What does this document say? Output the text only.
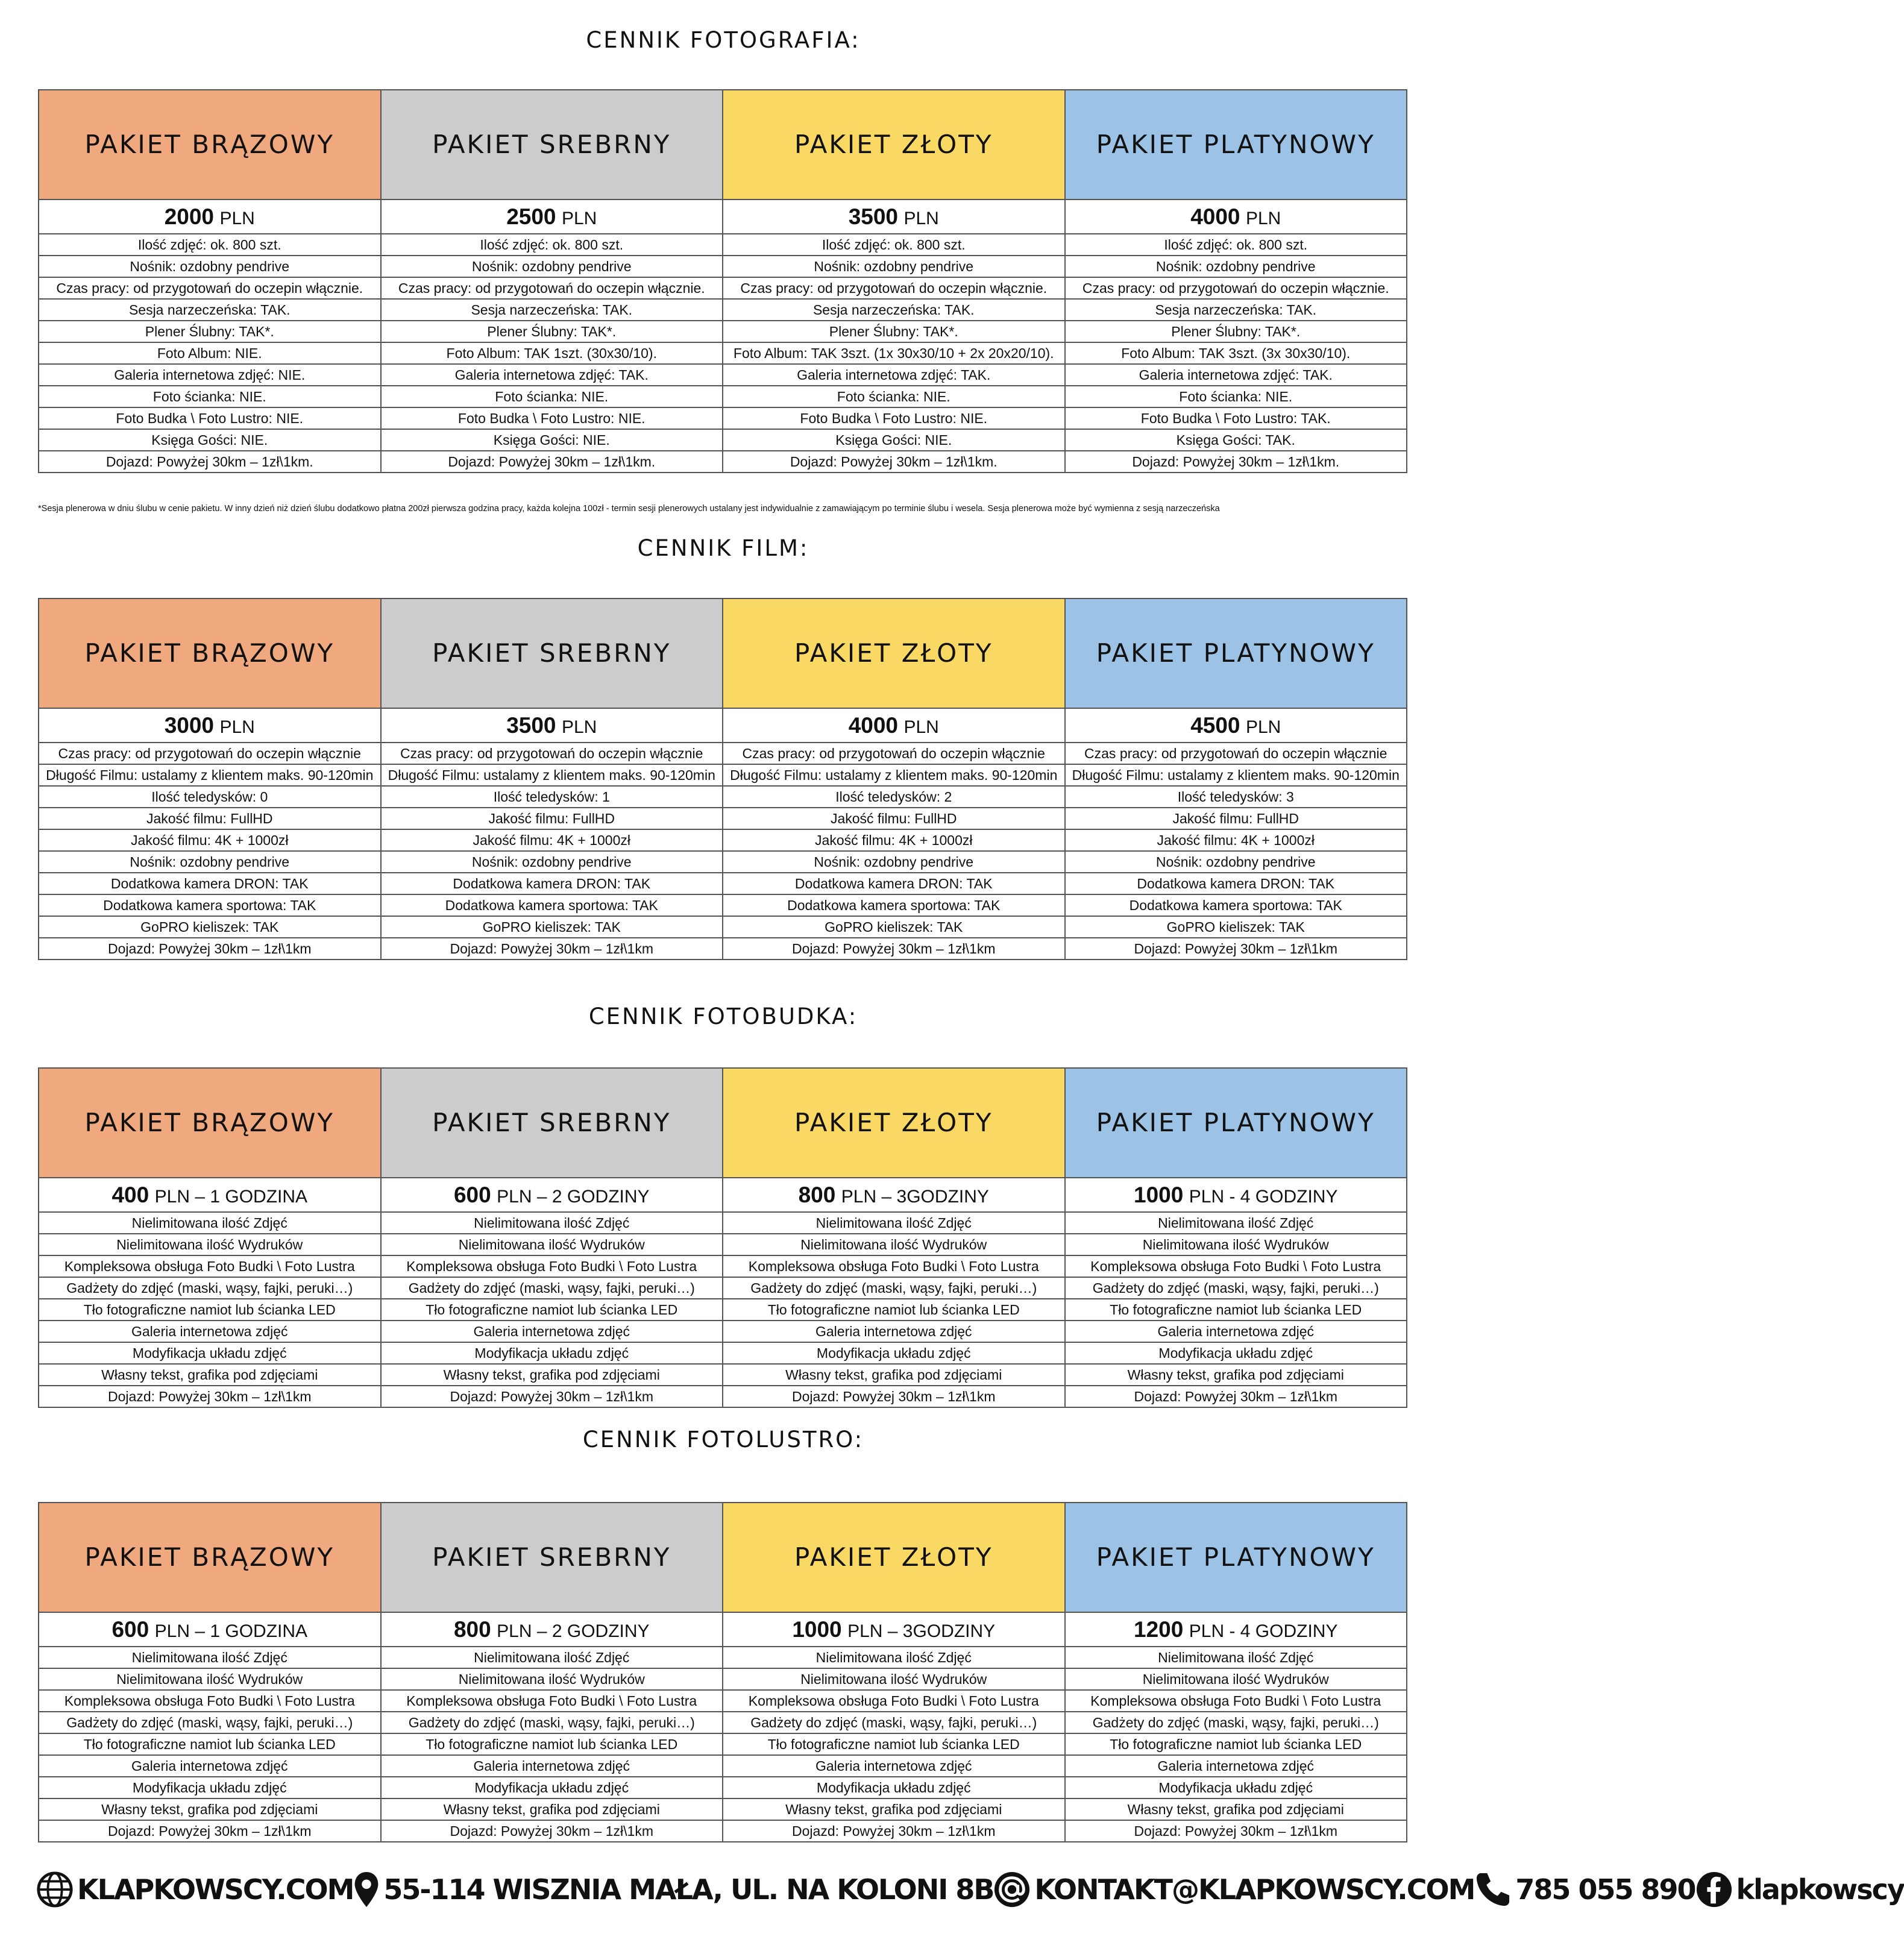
CENNIK FOTOGRAFIA:
PAKIET BRĄZOWY	PAKIET SREBRNY	PAKIET ZŁOTY	PAKIET PLATYNOWY
2000 PLN	2500 PLN	3500 PLN	4000 PLN
Ilość zdjęć: ok. 800 szt.	Ilość zdjęć: ok. 800 szt.	Ilość zdjęć: ok. 800 szt.	Ilość zdjęć: ok. 800 szt.
Nośnik: ozdobny pendrive	Nośnik: ozdobny pendrive	Nośnik: ozdobny pendrive	Nośnik: ozdobny pendrive
Czas pracy: od przygotowań do oczepin włącznie.	Czas pracy: od przygotowań do oczepin włącznie.	Czas pracy: od przygotowań do oczepin włącznie.	Czas pracy: od przygotowań do oczepin włącznie.
Sesja narzeczeńska: TAK.	Sesja narzeczeńska: TAK.	Sesja narzeczeńska: TAK.	Sesja narzeczeńska: TAK.
Plener Ślubny: TAK*.	Plener Ślubny: TAK*.	Plener Ślubny: TAK*.	Plener Ślubny: TAK*.
Foto Album: NIE.	Foto Album: TAK 1szt. (30x30/10).	Foto Album: TAK 3szt. (1x 30x30/10 + 2x 20x20/10).	Foto Album: TAK 3szt. (3x 30x30/10).
Galeria internetowa zdjęć: NIE.	Galeria internetowa zdjęć: TAK.	Galeria internetowa zdjęć: TAK.	Galeria internetowa zdjęć: TAK.
Foto ścianka: NIE.	Foto ścianka: NIE.	Foto ścianka: NIE.	Foto ścianka: NIE.
Foto Budka \ Foto Lustro: NIE.	Foto Budka \ Foto Lustro: NIE.	Foto Budka \ Foto Lustro: NIE.	Foto Budka \ Foto Lustro: TAK.
Księga Gości: NIE.	Księga Gości: NIE.	Księga Gości: NIE.	Księga Gości: TAK.
Dojazd: Powyżej 30km – 1zł\1km.	Dojazd: Powyżej 30km – 1zł\1km.	Dojazd: Powyżej 30km – 1zł\1km.	Dojazd: Powyżej 30km – 1zł\1km.
*Sesja plenerowa w dniu ślubu w cenie pakietu. W inny dzień niż dzień ślubu dodatkowo płatna 200zł pierwsza godzina pracy, każda kolejna 100zł - termin sesji plenerowych ustalany jest indywidualnie z zamawiającym po terminie ślubu i wesela. Sesja plenerowa może być wymienna z sesją narzeczeńska
CENNIK FILM:
PAKIET BRĄZOWY	PAKIET SREBRNY	PAKIET ZŁOTY	PAKIET PLATYNOWY
3000 PLN	3500 PLN	4000 PLN	4500 PLN
Czas pracy: od przygotowań do oczepin włącznie	Czas pracy: od przygotowań do oczepin włącznie	Czas pracy: od przygotowań do oczepin włącznie	Czas pracy: od przygotowań do oczepin włącznie
Długość Filmu: ustalamy z klientem maks. 90-120min	Długość Filmu: ustalamy z klientem maks. 90-120min	Długość Filmu: ustalamy z klientem maks. 90-120min	Długość Filmu: ustalamy z klientem maks. 90-120min
Ilość teledysków: 0	Ilość teledysków: 1	Ilość teledysków: 2	Ilość teledysków: 3
Jakość filmu: FullHD	Jakość filmu: FullHD	Jakość filmu: FullHD	Jakość filmu: FullHD
Jakość filmu: 4K + 1000zł	Jakość filmu: 4K + 1000zł	Jakość filmu: 4K + 1000zł	Jakość filmu: 4K + 1000zł
Nośnik: ozdobny pendrive	Nośnik: ozdobny pendrive	Nośnik: ozdobny pendrive	Nośnik: ozdobny pendrive
Dodatkowa kamera DRON: TAK	Dodatkowa kamera DRON: TAK	Dodatkowa kamera DRON: TAK	Dodatkowa kamera DRON: TAK
Dodatkowa kamera sportowa: TAK	Dodatkowa kamera sportowa: TAK	Dodatkowa kamera sportowa: TAK	Dodatkowa kamera sportowa: TAK
GoPRO kieliszek: TAK	GoPRO kieliszek: TAK	GoPRO kieliszek: TAK	GoPRO kieliszek: TAK
Dojazd: Powyżej 30km – 1zł\1km	Dojazd: Powyżej 30km – 1zł\1km	Dojazd: Powyżej 30km – 1zł\1km	Dojazd: Powyżej 30km – 1zł\1km
CENNIK FOTOBUDKA:
PAKIET BRĄZOWY	PAKIET SREBRNY	PAKIET ZŁOTY	PAKIET PLATYNOWY
400 PLN – 1 GODZINA	600 PLN – 2 GODZINY	800 PLN – 3GODZINY	1000 PLN - 4 GODZINY
Nielimitowana ilość Zdjęć	Nielimitowana ilość Zdjęć	Nielimitowana ilość Zdjęć	Nielimitowana ilość Zdjęć
Nielimitowana ilość Wydruków	Nielimitowana ilość Wydruków	Nielimitowana ilość Wydruków	Nielimitowana ilość Wydruków
Kompleksowa obsługa Foto Budki \ Foto Lustra	Kompleksowa obsługa Foto Budki \ Foto Lustra	Kompleksowa obsługa Foto Budki \ Foto Lustra	Kompleksowa obsługa Foto Budki \ Foto Lustra
Gadżety do zdjęć (maski, wąsy, fajki, peruki…)	Gadżety do zdjęć (maski, wąsy, fajki, peruki…)	Gadżety do zdjęć (maski, wąsy, fajki, peruki…)	Gadżety do zdjęć (maski, wąsy, fajki, peruki…)
Tło fotograficzne namiot lub ścianka LED	Tło fotograficzne namiot lub ścianka LED	Tło fotograficzne namiot lub ścianka LED	Tło fotograficzne namiot lub ścianka LED
Galeria internetowa zdjęć	Galeria internetowa zdjęć	Galeria internetowa zdjęć	Galeria internetowa zdjęć
Modyfikacja układu zdjęć	Modyfikacja układu zdjęć	Modyfikacja układu zdjęć	Modyfikacja układu zdjęć
Własny tekst, grafika pod zdjęciami	Własny tekst, grafika pod zdjęciami	Własny tekst, grafika pod zdjęciami	Własny tekst, grafika pod zdjęciami
Dojazd: Powyżej 30km – 1zł\1km	Dojazd: Powyżej 30km – 1zł\1km	Dojazd: Powyżej 30km – 1zł\1km	Dojazd: Powyżej 30km – 1zł\1km
CENNIK FOTOLUSTRO:
PAKIET BRĄZOWY	PAKIET SREBRNY	PAKIET ZŁOTY	PAKIET PLATYNOWY
600 PLN – 1 GODZINA	800 PLN – 2 GODZINY	1000 PLN – 3GODZINY	1200 PLN - 4 GODZINY
Nielimitowana ilość Zdjęć	Nielimitowana ilość Zdjęć	Nielimitowana ilość Zdjęć	Nielimitowana ilość Zdjęć
Nielimitowana ilość Wydruków	Nielimitowana ilość Wydruków	Nielimitowana ilość Wydruków	Nielimitowana ilość Wydruków
Kompleksowa obsługa Foto Budki \ Foto Lustra	Kompleksowa obsługa Foto Budki \ Foto Lustra	Kompleksowa obsługa Foto Budki \ Foto Lustra	Kompleksowa obsługa Foto Budki \ Foto Lustra
Gadżety do zdjęć (maski, wąsy, fajki, peruki…)	Gadżety do zdjęć (maski, wąsy, fajki, peruki…)	Gadżety do zdjęć (maski, wąsy, fajki, peruki…)	Gadżety do zdjęć (maski, wąsy, fajki, peruki…)
Tło fotograficzne namiot lub ścianka LED	Tło fotograficzne namiot lub ścianka LED	Tło fotograficzne namiot lub ścianka LED	Tło fotograficzne namiot lub ścianka LED
Galeria internetowa zdjęć	Galeria internetowa zdjęć	Galeria internetowa zdjęć	Galeria internetowa zdjęć
Modyfikacja układu zdjęć	Modyfikacja układu zdjęć	Modyfikacja układu zdjęć	Modyfikacja układu zdjęć
Własny tekst, grafika pod zdjęciami	Własny tekst, grafika pod zdjęciami	Własny tekst, grafika pod zdjęciami	Własny tekst, grafika pod zdjęciami
Dojazd: Powyżej 30km – 1zł\1km	Dojazd: Powyżej 30km – 1zł\1km	Dojazd: Powyżej 30km – 1zł\1km	Dojazd: Powyżej 30km – 1zł\1km
KLAPKOWSCY.COM 55-114 WISZNIA MAŁA, UL. NA KOLONI 8B KONTAKT@KLAPKOWSCY.COM 785 055 890 klapkowscy
